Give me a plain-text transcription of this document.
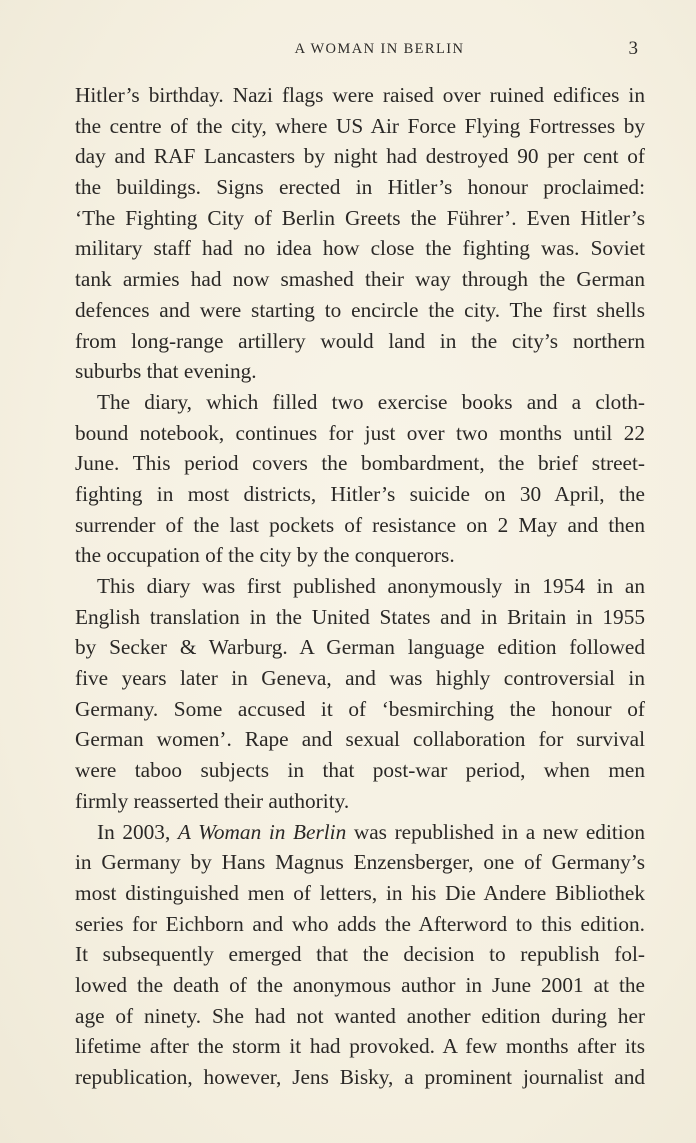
A WOMAN IN BERLIN	3
Hitler’s birthday. Nazi flags were raised over ruined edifices in
the centre of the city, where US Air Force Flying Fortresses by
day and RAF Lancasters by night had destroyed 90 per cent of
the buildings. Signs erected in Hitler’s honour proclaimed:
‘The Fighting City of Berlin Greets the Führer’. Even Hitler’s
military staff had no idea how close the fighting was. Soviet
tank armies had now smashed their way through the German
defences and were starting to encircle the city. The first shells
from long-range artillery would land in the city’s northern
suburbs that evening.
The diary, which filled two exercise books and a cloth-
bound notebook, continues for just over two months until 22
June. This period covers the bombardment, the brief street-
fighting in most districts, Hitler’s suicide on 30 April, the
surrender of the last pockets of resistance on 2 May and then
the occupation of the city by the conquerors.
This diary was first published anonymously in 1954 in an
English translation in the United States and in Britain in 1955
by Secker & Warburg. A German language edition followed
five years later in Geneva, and was highly controversial in
Germany. Some accused it of ‘besmirching the honour of
German women’. Rape and sexual collaboration for survival
were taboo subjects in that post-war period, when men
firmly reasserted their authority.
In 2003, A Woman in Berlin was republished in a new edition
in Germany by Hans Magnus Enzensberger, one of Germany’s
most distinguished men of letters, in his Die Andere Bibliothek
series for Eichborn and who adds the Afterword to this edition.
It subsequently emerged that the decision to republish fol-
lowed the death of the anonymous author in June 2001 at the
age of ninety. She had not wanted another edition during her
lifetime after the storm it had provoked. A few months after its
republication, however, Jens Bisky, a prominent journalist and
